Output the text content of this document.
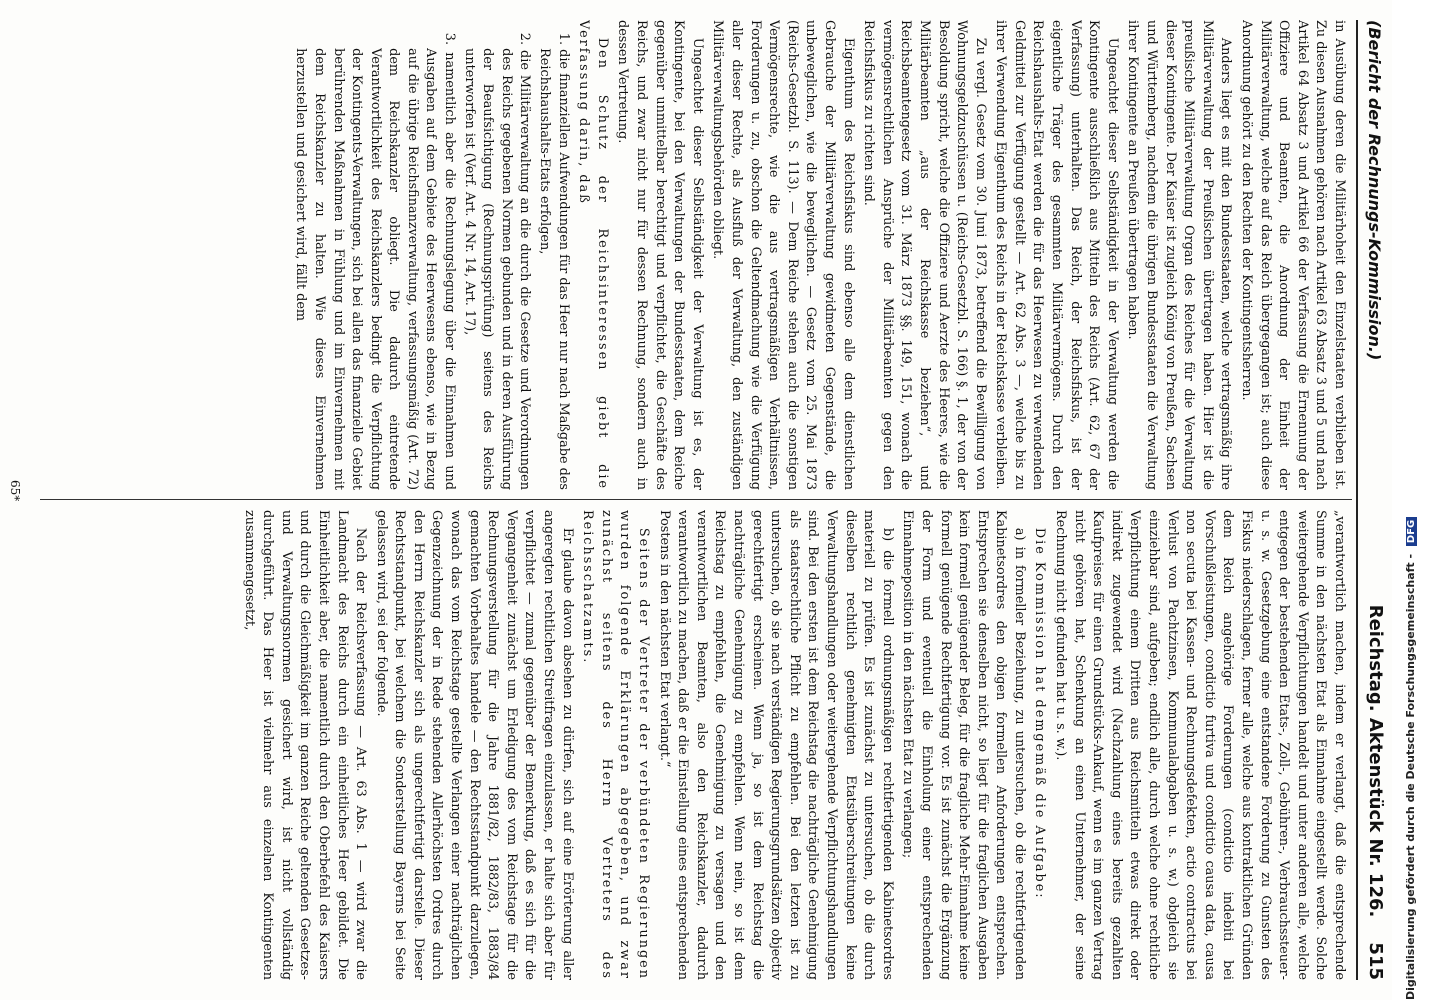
(Bericht der Rechnungs-Kommission.)
Reichstag. Aktenstück Nr. 126.    515

in Ausübung deren die Militärhoheit den Einzelstaaten verblieben ist. Zu diesen Ausnahmen gehören nach Artikel 63 Absatz 3 und 5 und nach Artikel 64 Absatz 3 und Artikel 66 der Verfassung die Ernennung der Offiziere und Beamten, die Anordnung der Einheit der Militärverwaltung, welche auf das Reich übergegangen ist; auch diese Anordnung gehört zu den Rechten der Kontingentsherren.

Anders liegt es mit den Bundesstaaten, welche vertragsmäßig ihre Militärverwaltung der Preußischen übertragen haben. Hier ist die preußische Militärverwaltung Organ des Reiches für die Verwaltung dieser Kontingente. Der Kaiser ist zugleich König von Preußen, Sachsen und Württemberg, nachdem die übrigen Bundesstaaten die Verwaltung ihrer Kontingente an Preußen übertragen haben.

Ungeachtet dieser Selbständigkeit in der Verwaltung werden die Kontingente ausschließlich aus Mitteln des Reichs (Art. 62, 67 der Verfassung) unterhalten. Das Reich, der Reichsfiskus, ist der eigentliche Träger des gesammten Militärvermögens. Durch den Reichshaushalts-Etat werden die für das Heerwesen zu verwendenden Geldmittel zur Verfügung gestellt — Art. 62 Abs. 3 —, welche bis zu ihrer Verwendung Eigenthum des Reichs in der Reichskasse verbleiben.

Zu vergl. Gesetz vom 30. Juni 1873, betreffend die Bewilligung von Wohnungsgeldzuschüssen u. (Reichs-Gesetzbl. S. 166) §. 1, der von der Besoldung spricht, welche die Offiziere und Aerzte des Heeres, wie die Militärbeamten „aus der Reichskasse beziehen“, und Reichsbeamtengesetz vom 31. März 1873 §§. 149, 151, wonach die vermögensrechtlichen Ansprüche der Militärbeamten gegen den Reichsfiskus zu richten sind.

Eigenthum des Reichsfiskus sind ebenso alle dem dienstlichen Gebrauche der Militärverwaltung gewidmeten Gegenstände, die unbeweglichen, wie die beweglichen. — Gesetz vom 25. Mai 1873 (Reichs-Gesetzbl. S. 113). — Dem Reiche stehen auch die sonstigen Vermögensrechte, wie die aus vertragsmäßigen Verhältnissen, Forderungen u. zu, obschon die Geltendmachung wie die Verfügung aller dieser Rechte, als Ausfluß der Verwaltung, den zuständigen Militärverwaltungsbehörden obliegt.

Ungeachtet dieser Selbständigkeit der Verwaltung ist es, der Kontingente, bei den Verwaltungen der Bundesstaaten, dem Reiche gegenüber unmittelbar berechtigt und verpflichtet, die Geschäfte des Reichs, und zwar nicht nur für dessen Rechnung, sondern auch in dessen Vertretung.

Den Schutz der Reichsinteressen giebt die Verfassung darin, daß

1. die finanziellen Aufwendungen für das Heer nur nach Maßgabe des Reichshaushalts-Etats erfolgen,
2. die Militärverwaltung an die durch die Gesetze und Verordnungen des Reichs gegebenen Normen gebunden und in deren Ausführung der Beaufsichtigung (Rechnungsprüfung) seitens des Reichs unterworfen ist (Verf. Art. 4 Nr. 14, Art. 17),
3. namentlich aber die Rechnungslegung über die Einnahmen und Ausgaben auf dem Gebiete des Heerwesens ebenso, wie in Bezug auf die übrige Reichsfinanzverwaltung, verfassungsmäßig (Art. 72) dem Reichskanzler obliegt. Die dadurch eintretende Verantwortlichkeit des Reichskanzlers bedingt die Verpflichtung der Kontingents-Verwaltungen, sich bei allen das finanzielle Gebiet berührenden Maßnahmen in Fühlung und im Einvernehmen mit dem Reichskanzler zu halten. Wie dieses Einvernehmen herzustellen und gesichert wird, fällt dem

„verantwortlich machen, indem er verlangt, daß die entsprechende Summe in den nächsten Etat als Einnahme eingestellt werde. Solche weitergehende Verpflichtungen handelt und unter anderen alle, welche entgegen der bestehenden Etats-, Zoll-, Gebühren-, Verbrauchssteuer- u. s. w. Gesetzgebung eine entstandene Forderung zu Gunsten des Fiskus niederschlagen, ferner alle, welche aus kontraktlichen Gründen dem Reich angehörige Forderungen (condictio indebiti bei Vorschußleistungen, condictio furtiva und condictio causa data, causa non secuta bei Kassen- und Rechnungsdefekten, actio contractus bei Verlust von Pachtzinsen, Kommunalabgaben u. s. w.) obgleich sie einziehbar sind, aufgeben; endlich alle, durch welche ohne rechtliche Verpflichtung einem Dritten aus Reichsmitteln etwas direkt oder indirekt zugewendet wird (Nachzahlung eines bereits gezahlten Kaufpreises für einen Grundstücks-Ankauf, wenn es im ganzen Vertrag nicht gehören hat, Schenkung an einen Unternehmer, der seine Rechnung nicht gefunden hat u. s. w.).

Die Kommission hat demgemäß die Aufgabe:

a) in formeller Beziehung, zu untersuchen, ob die rechtfertigenden Kabinetsordres den obigen formellen Anforderungen entsprechen. Entsprechen sie denselben nicht, so liegt für die fraglichen Ausgaben kein formell genügender Beleg, für die fragliche Mehr-Einnahme keine formell genügende Rechtfertigung vor. Es ist zunächst die Ergänzung der Form und eventuell die Einholung einer entsprechenden Einnahmeposition in den nächsten Etat zu verlangen;

b) die formell ordnungsmäßigen rechtfertigenden Kabinetsordres materiell zu prüfen. Es ist zunächst zu untersuchen, ob die durch dieselben rechtlich genehmigten Etatsüberschreitungen keine Verwaltungshandlungen oder weitergehende Verpflichtungshandlungen sind. Bei den ersten ist dem Reichstag die nachträgliche Genehmigung als staatsrechtliche Pflicht zu empfehlen. Bei den letzten ist zu untersuchen, ob sie nach verständigen Regierungsgrundsätzen objectiv gerechtfertigt erscheinen. Wenn ja, so ist dem Reichstag die nachträgliche Genehmigung zu empfehlen. Wenn nein, so ist dem Reichstag zu empfehlen, die Genehmigung zu versagen und den verantwortlichen Beamten, also den Reichskanzler, dadurch verantwortlich zu machen, daß er die Einstellung eines entsprechenden Postens in den nächsten Etat verlangt.“

Seitens der Vertreter der verbündeten Regierungen wurden folgende Erklärungen abgegeben, und zwar zunächst seitens des Herrn Vertreters des Reichsschatzamts.

Er glaube davon absehen zu dürfen, sich auf eine Erörterung aller angeregten rechtlichen Streitfragen einzulassen, er halte sich aber für verpflichtet — zumal gegenüber der Bemerkung, daß es sich für die Vergangenheit zunächst um Erledigung des vom Reichstage für die Rechnungsverstellung für die Jahre 1881/82, 1882/83, 1883/84 gemachten Vorbehaltes handele — den Rechtsstandpunkt darzulegen, wonach das vom Reichstage gestellte Verlangen einer nachträglichen Gegenzeichnung der in Rede stehenden Allerhöchsten Ordres durch den Herrn Reichskanzler sich als ungerechtfertigt darstelle. Dieser Rechtsstandpunkt, bei welchem die Sonderstellung Bayerns bei Seite gelassen wird, sei der folgende.

Nach der Reichsverfassung — Art. 63 Abs. 1 — wird zwar die Landmacht des Reichs durch ein einheitliches Heer gebildet. Die Einheitlichkeit aber, die namentlich durch den Oberbefehl des Kaisers und durch die Gleichmäßigkeit im ganzen Reiche geltenden Gesetzes- und Verwaltungsnormen gesichert wird, ist nicht vollständig durchgeführt. Das Heer ist vielmehr aus einzelnen Kontingenten zusammengesetzt,

65*
Digitalisierung gefördert durch die Deutsche Forschungsgemeinschaft - DFG
